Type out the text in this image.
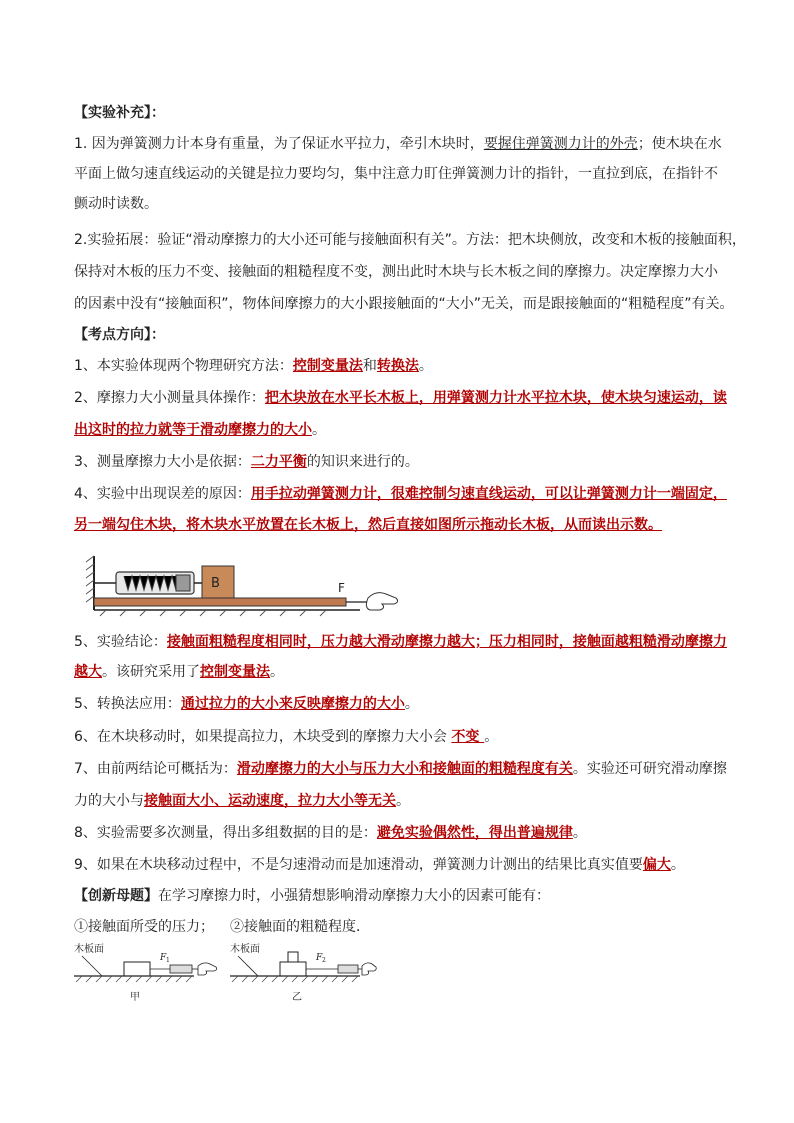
【实验补充】：
1. 因为弹簧测力计本身有重量，为了保证水平拉力，牵引木块时，要握住弹簧测力计的外壳；使木块在水
平面上做匀速直线运动的关键是拉力要均匀，集中注意力盯住弹簧测力计的指针，一直拉到底，在指针不
颤动时读数。
2.实验拓展：验证“滑动摩擦力的大小还可能与接触面积有关”。方法：把木块侧放，改变和木板的接触面积，
保持对木板的压力不变、接触面的粗糙程度不变，测出此时木块与长木板之间的摩擦力。决定摩擦力大小
的因素中没有“接触面积”，物体间摩擦力的大小跟接触面的“大小”无关，而是跟接触面的“粗糙程度”有关。
【考点方向】：
1、本实验体现两个物理研究方法：控制变量法和转换法。
2、摩擦力大小测量具体操作：把木块放在水平长木板上，用弹簧测力计水平拉木块，使木块匀速运动，读
出这时的拉力就等于滑动摩擦力的大小。
3、测量摩擦力大小是依据：二力平衡的知识来进行的。
4、实验中出现误差的原因：用手拉动弹簧测力计，很难控制匀速直线运动，可以让弹簧测力计一端固定，
另一端勾住木块，将木块水平放置在长木板上，然后直接如图所示拖动长木板，从而读出示数。
B	F
5、实验结论：接触面粗糙程度相同时，压力越大滑动摩擦力越大；压力相同时，接触面越粗糙滑动摩擦力
越大。该研究采用了控制变量法。
5、转换法应用：通过拉力的大小来反映摩擦力的大小。
6、在木块移动时，如果提高拉力，木块受到的摩擦力大小会 不变 。
7、由前两结论可概括为：滑动摩擦力的大小与压力大小和接触面的粗糙程度有关。实验还可研究滑动摩擦
力的大小与接触面大小、运动速度，拉力大小等无关。
8、实验需要多次测量，得出多组数据的目的是：避免实验偶然性，得出普遍规律。
9、如果在木块移动过程中，不是匀速滑动而是加速滑动，弹簧测力计测出的结果比真实值要偏大。
【创新母题】在学习摩擦力时，小强猜想影响滑动摩擦力大小的因素可能有：
①接触面所受的压力； ②接触面的粗糙程度．
木板面
F 1
甲
木板面
F 2
乙
